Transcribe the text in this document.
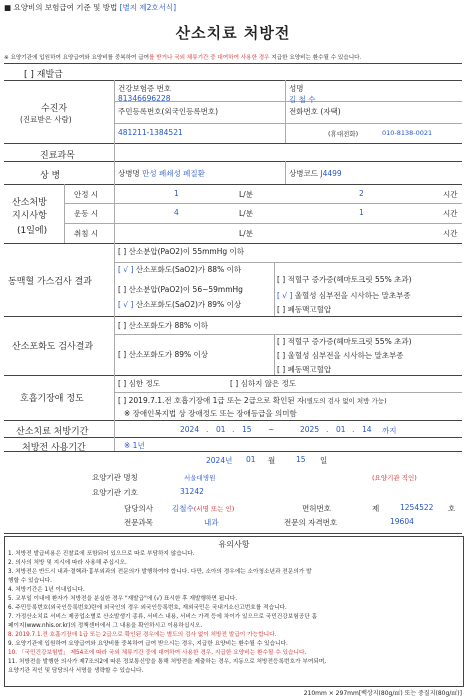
■ 요양비의 보험급여 기준 및 방법 [별지 제2호서식]
산소치료 처방전
※ 요양기관에 입원하여 요양급여와 요양비를 중복하여 급여를 받거나 국외 체류기간 중 대여하여 사용한 경우 지급한 요양비는 환수될 수 있습니다.
[ ] 재발급
수진자
(진료받은 사람)
건강보험증 번호
81346696228
성명
김 철 수
주민등록번호(외국인등록번호)
481211-1384521
전화번호 (자택)
(휴대전화)	010-8138-0021
진료과목
상 병	상병명 만성 폐쇄성 폐질환	상병코드 J4499
산소처방
지시사항
(1일에)
안정 시	1	L/분	2	시간
운동 시	4	L/분	1	시간
취침 시	L/분	시간
동맥혈 가스검사 결과
[ ] 산소분압(PaO2)이 55mmHg 이하
[ √ ] 산소포화도(SaO2)가 88% 이하
[ ] 산소분압(PaO2)이 56~59mmHg
[ √ ] 산소포화도(SaO2)가 89% 이상
[ ] 적혈구 증가증(헤마토크릿 55% 초과)
[ √ ] 울혈성 심부전을 시사하는 말초부종
[ ] 폐동맥고혈압
산소포화도 검사결과
[ ] 산소포화도가 88% 이하
[ ] 산소포화도가 89% 이상
[ ] 적혈구 증가증(헤마토크릿 55% 초과)
[ ] 울혈성 심부전을 시사하는 말초부종
[ ] 폐동맥고혈압
호흡기장애 정도
[ ] 심한 정도	[ ] 심하지 않은 정도
[ ] 2019.7.1.전 호흡기장애 1급 또는 2급으로 확인된 자(별도의 검사 없이 처방 가능)
※ 장애인복지법 상 장애정도 또는 장애등급을 의미함
산소치료 처방기간	2024 . 01 . 15 ~	2025 . 01 . 14 까지
처방전 사용기간	※ 1년
2024년 01 월	15 일
요양기관 명칭	서울대병원	(요양기관 직인)
요양기관 기호	31242
담당의사	김철수(서명 또는 인)	면허번호	제	1254522 호
전문과목	내과	전문의 자격번호	19604
유의사항
1. 처방전 발급비용은 진찰료에 포함되어 있으므로 따로 부담하지 않습니다.
2. 의사의 처방 및 지시에 따라 사용해 주십시오.
3. 처방전은 반드시 내과·결핵과·흉부외과의 전문의가 발행하여야 합니다. 다만, 소아의 경우에는 소아청소년과 전문의가 발
행할 수 있습니다.
4. 처방기간은 1년 이내입니다.
5. 교부일 이내에 환자가 처방전을 분실한 경우 "재발급"에 (√) 표시한 후 재발행하면 됩니다.
6. 주민등록번호(외국인등록번호)란에 외국인의 경우 외국인등록번호, 재외국민은 국내거소신고번호를 적습니다.
7. 가정산소치료 서비스 제공업소별로 산소발생기 종류, 서비스 내용, 서비스 가격 등에 차이가 있으므로 국민건강보험공단 홈
페이지(www.nhis.or.kr)의 정책센터에서 그 내용을 확인하시고 이용하십시오.
8. 2019.7.1.전 호흡기장애 1급 또는 2급으로 확인된 경우에는 별도의 검사 없이 처방전 발급이 가능합니다.
9. 요양기관에 입원하여 요양급여와 요양비를 중복하여 급여 받으시는 경우, 지급한 요양비는 환수될 수 있습니다.
10. 「국민건강보험법」 제54조에 따라 국외 체류기간 중에 대여하여 사용한 경우, 지급한 요양비는 환수될 수 있습니다.
11. 처방전을 발행한 의사가 제7조의2에 따른 정보통신망을 통해 처방전을 제출하는 경우, 지동으로 처방전등록번호가 부여되며,
요양기관 직인 및 담당의사 서명을 생략할 수 있습니다.
210mm × 297mm[백상지(80g/㎡) 또는 중질지(80g/㎡)]
